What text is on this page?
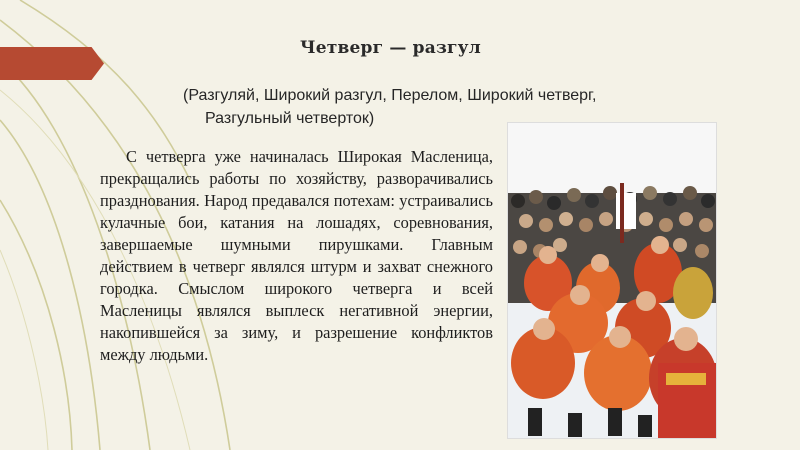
Четверг — разгул
(Разгуляй, Широкий разгул, Перелом, Широкий четверг,
Разгульный четверток)
С четверга уже начиналась Широкая Масленица, прекращались работы по хозяйству, разворачивались празднования. Народ предавался потехам: устраивались кулачные бои, катания на лошадях, соревнования, завершаемые шумными пирушками. Главным действием в четверг являлся штурм и захват снежного городка. Смыслом широкого четверга и всей Масленицы являлся выплеск негативной энергии, накопившейся за зиму, и разрешение конфликтов между людьми.
